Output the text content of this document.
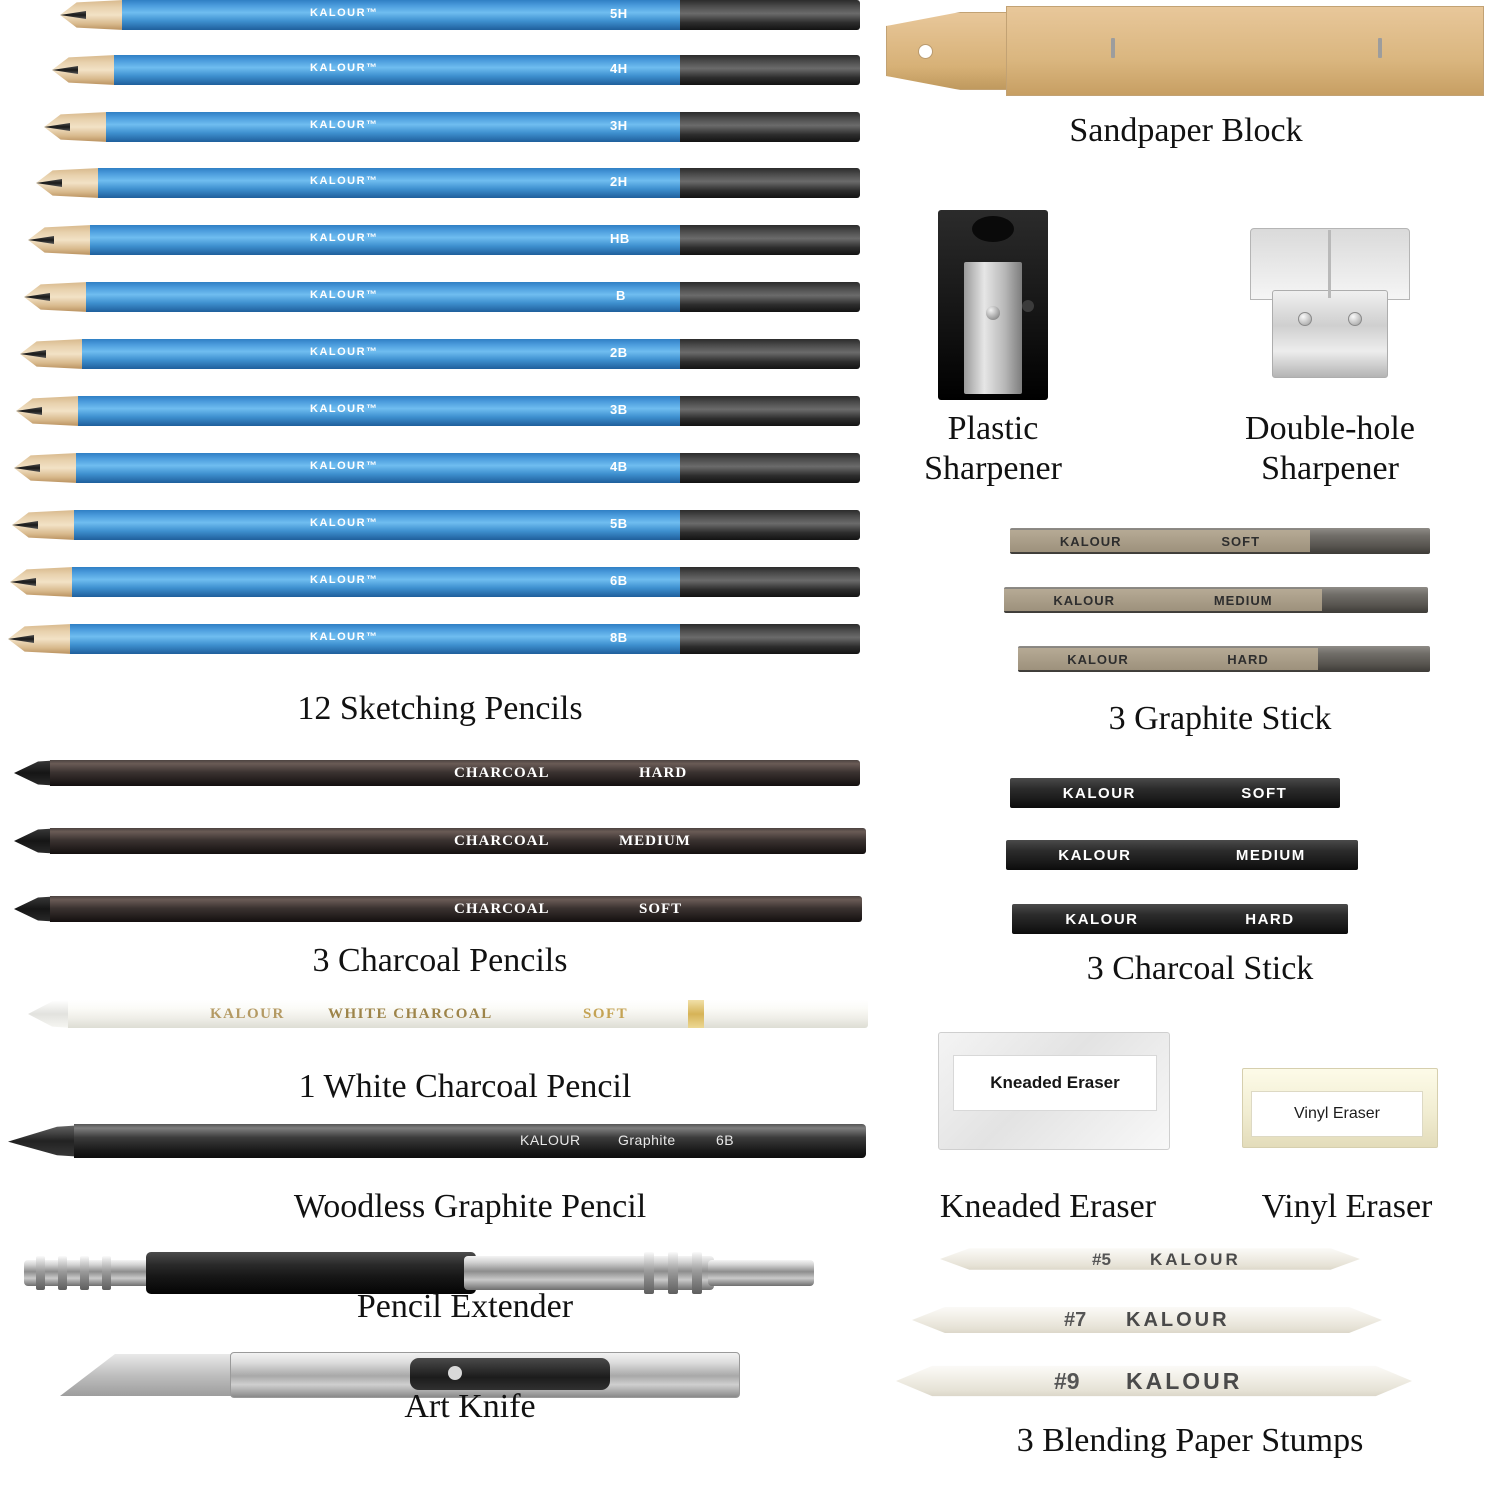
KALOUR™	5H
KALOUR™	4H
KALOUR™	3H
KALOUR™	2H
KALOUR™	HB
KALOUR™	B
KALOUR™	2B
KALOUR™	3B
KALOUR™	4B
KALOUR™	5B
KALOUR™	6B
KALOUR™	8B
12 Sketching Pencils
CHARCOAL	HARD
CHARCOAL	MEDIUM
CHARCOAL	SOFT
3 Charcoal Pencils
KALOUR	WHITE CHARCOAL	SOFT
1 White Charcoal Pencil
KALOUR	Graphite	6B
Woodless Graphite Pencil
Pencil Extender
Art Knife
Sandpaper Block
Plastic
Sharpener
Double-hole
Sharpener
KALOUR	SOFT
KALOUR	MEDIUM
KALOUR	HARD
3 Graphite Stick
KALOUR	SOFT
KALOUR	MEDIUM
KALOUR	HARD
3 Charcoal Stick
Kneaded Eraser
Kneaded Eraser
Vinyl Eraser
Vinyl Eraser
#5 KALOUR
#7 KALOUR
#9 KALOUR
3 Blending Paper Stumps
